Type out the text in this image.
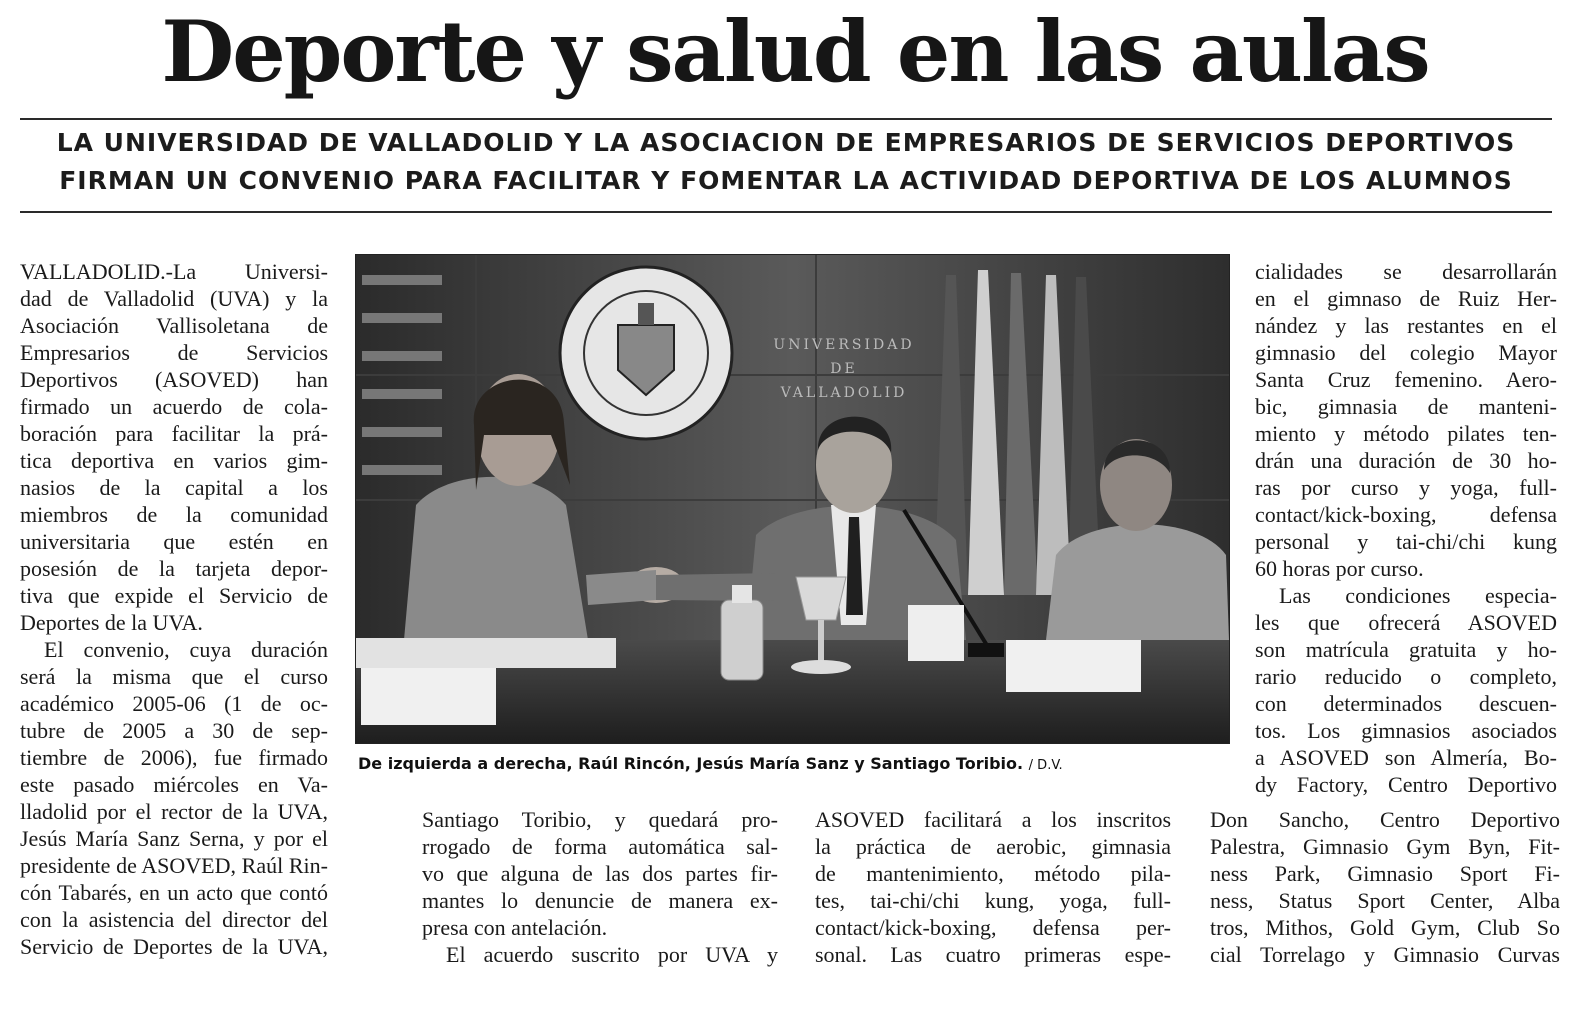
Deporte y salud en las aulas
LA UNIVERSIDAD DE VALLADOLID Y LA ASOCIACION DE EMPRESARIOS DE SERVICIOS DEPORTIVOS
FIRMAN UN CONVENIO PARA FACILITAR Y FOMENTAR LA ACTIVIDAD DEPORTIVA DE LOS ALUMNOS
VALLADOLID.-La Universi-
dad de Valladolid (UVA) y la
Asociación Vallisoletana de
Empresarios de Servicios
Deportivos (ASOVED) han
firmado un acuerdo de cola-
boración para facilitar la prá-
tica deportiva en varios gim-
nasios de la capital a los
miembros de la comunidad
universitaria que estén en
posesión de la tarjeta depor-
tiva que expide el Servicio de
Deportes de la UVA.
El convenio, cuya duración
será la misma que el curso
académico 2005-06 (1 de oc-
tubre de 2005 a 30 de sep-
tiembre de 2006), fue firmado
este pasado miércoles en Va-
lladolid por el rector de la UVA,
Jesús María Sanz Serna, y por el
presidente de ASOVED, Raúl Rin-
cón Tabarés, en un acto que contó
con la asistencia del director del
Servicio de Deportes de la UVA,
UNIVERSIDAD
DE
VALLADOLID
De izquierda a derecha, Raúl Rincón, Jesús María Sanz y Santiago Toribio. / D.V.
Santiago Toribio, y quedará pro-
rrogado de forma automática sal-
vo que alguna de las dos partes fir-
mantes lo denuncie de manera ex-
presa con antelación.
El acuerdo suscrito por UVA y
ASOVED facilitará a los inscritos
la práctica de aerobic, gimnasia
de mantenimiento, método pila-
tes, tai-chi/chi kung, yoga, full-
contact/kick-boxing, defensa per-
sonal. Las cuatro primeras espe-
cialidades se desarrollarán
en el gimnaso de Ruiz Her-
nández y las restantes en el
gimnasio del colegio Mayor
Santa Cruz femenino. Aero-
bic, gimnasia de manteni-
miento y método pilates ten-
drán una duración de 30 ho-
ras por curso y yoga, full-
contact/kick-boxing, defensa
personal y tai-chi/chi kung
60 horas por curso.
Las condiciones especia-
les que ofrecerá ASOVED
son matrícula gratuita y ho-
rario reducido o completo,
con determinados descuen-
tos. Los gimnasios asociados
a ASOVED son Almería, Bo-
dy Factory, Centro Deportivo
Don Sancho, Centro Deportivo
Palestra, Gimnasio Gym Byn, Fit-
ness Park, Gimnasio Sport Fi-
ness, Status Sport Center, Alba
tros, Mithos, Gold Gym, Club So
cial Torrelago y Gimnasio Curvas
